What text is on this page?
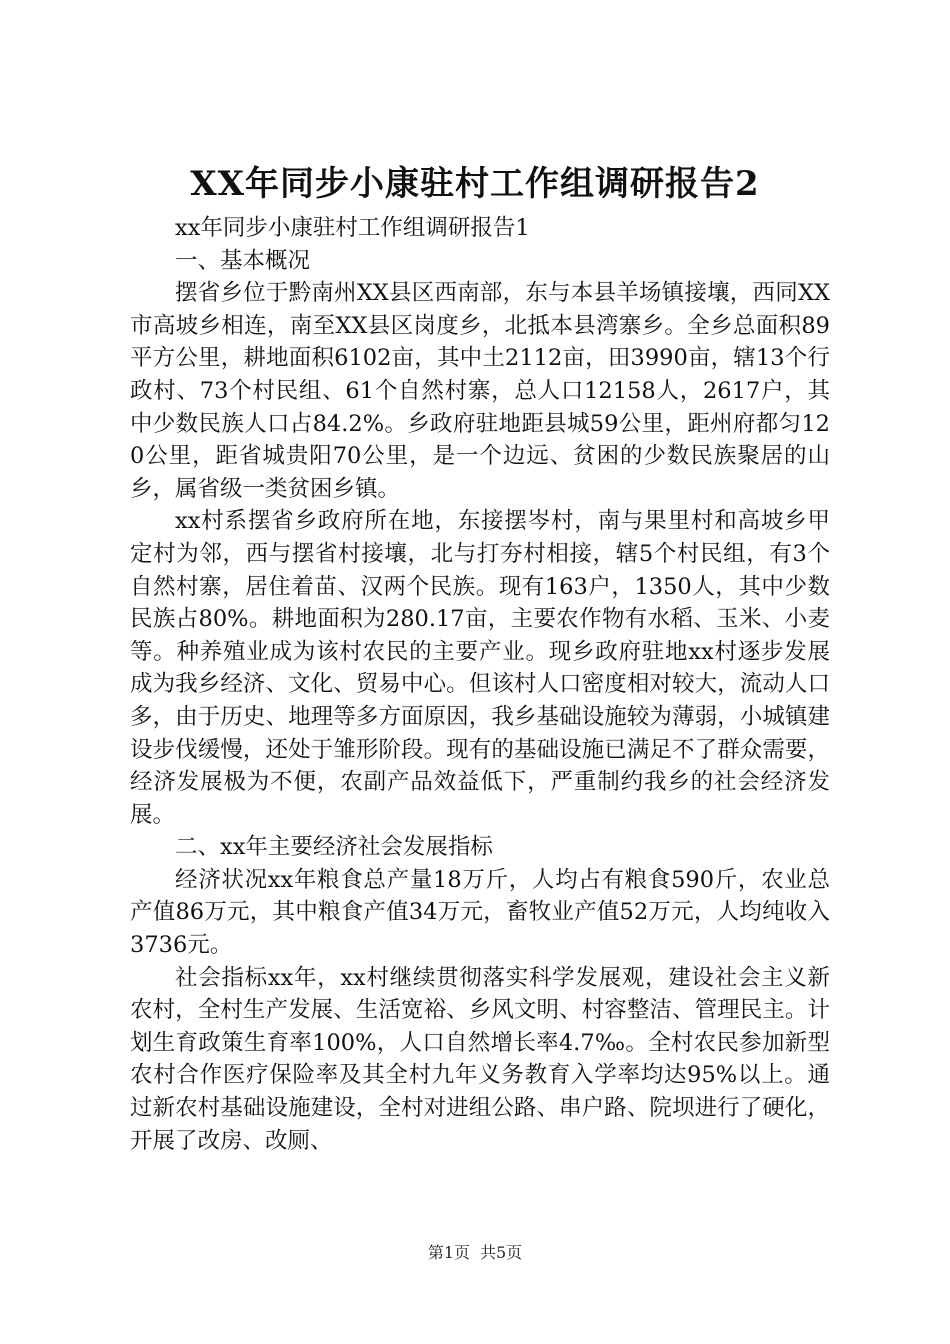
XX年同步小康驻村工作组调研报告2

xx年同步小康驻村工作组调研报告1

一、基本概况

摆省乡位于黔南州XX县区西南部，东与本县羊场镇接壤，西同XX市高坡乡相连，南至XX县区岗度乡，北抵本县湾寨乡。全乡总面积89平方公里，耕地面积6102亩，其中土2112亩，田3990亩，辖13个行政村、73个村民组、61个自然村寨，总人口12158人，2617户，其中少数民族人口占84.2%。乡政府驻地距县城59公里，距州府都匀120公里，距省城贵阳70公里，是一个边远、贫困的少数民族聚居的山乡，属省级一类贫困乡镇。

xx村系摆省乡政府所在地，东接摆岑村，南与果里村和高坡乡甲定村为邻，西与摆省村接壤，北与打夯村相接，辖5个村民组，有3个自然村寨，居住着苗、汉两个民族。现有163户，1350人，其中少数民族占80%。耕地面积为280.17亩，主要农作物有水稻、玉米、小麦等。种养殖业成为该村农民的主要产业。现乡政府驻地xx村逐步发展成为我乡经济、文化、贸易中心。但该村人口密度相对较大，流动人口多，由于历史、地理等多方面原因，我乡基础设施较为薄弱，小城镇建设步伐缓慢，还处于雏形阶段。现有的基础设施已满足不了群众需要，经济发展极为不便，农副产品效益低下，严重制约我乡的社会经济发展。

二、xx年主要经济社会发展指标

经济状况xx年粮食总产量18万斤，人均占有粮食590斤，农业总产值86万元，其中粮食产值34万元，畜牧业产值52万元，人均纯收入3736元。

社会指标xx年，xx村继续贯彻落实科学发展观，建设社会主义新农村，全村生产发展、生活宽裕、乡风文明、村容整洁、管理民主。计划生育政策生育率100%，人口自然增长率4.7‰。全村农民参加新型农村合作医疗保险率及其全村九年义务教育入学率均达95%以上。通过新农村基础设施建设，全村对进组公路、串户路、院坝进行了硬化，开展了改房、改厕、

第1页 共5页
